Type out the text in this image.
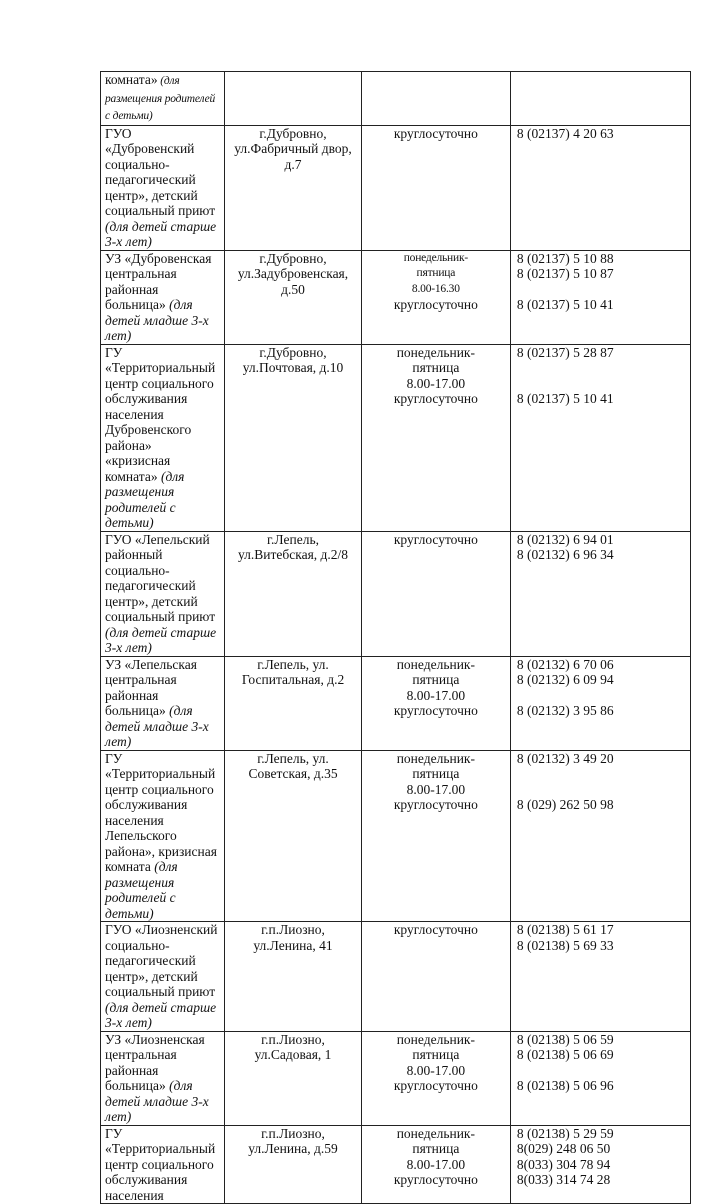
комната» (для размещения родителей с детьми)			
ГУО «Дубровенский социально-педагогический центр», детский социальный приют (для детей старше 3-х лет)	г.Дубровно, ул.Фабричный двор, д.7	круглосуточно	8 (02137) 4 20 63

УЗ «Дубровенская центральная районная больница» (для детей младше 3-х лет)	г.Дубровно, ул.Задубровенская, д.50	понедельник-
пятница
8.00-16.30
круглосуточно	8 (02137) 5 10 88
8 (02137) 5 10 87
8 (02137) 5 10 41

ГУ «Территориальный центр социального обслуживания населения Дубровенского района» «кризисная комната» (для размещения родителей с детьми)	г.Дубровно, ул.Почтовая, д.10	понедельник-
пятница
8.00-17.00
круглосуточно	8 (02137) 5 28 87
8 (02137) 5 10 41

ГУО «Лепельский районный социально-педагогический центр», детский социальный приют (для детей старше 3-х лет)	г.Лепель, ул.Витебская, д.2/8	круглосуточно	8 (02132) 6 94 01
8 (02132) 6 96 34

УЗ «Лепельская центральная районная больница» (для детей младше 3-х лет)	г.Лепель, ул. Госпитальная, д.2	понедельник-
пятница
8.00-17.00
круглосуточно	8 (02132) 6 70 06
8 (02132) 6 09 94
8 (02132) 3 95 86

ГУ «Территориальный центр социального обслуживания населения Лепельского района», кризисная комната (для размещения родителей с детьми)	г.Лепель, ул. Советская, д.35	понедельник-
пятница
8.00-17.00
круглосуточно	8 (02132) 3 49 20
8 (029) 262 50 98

ГУО «Лиозненский социально-педагогический центр», детский социальный приют (для детей старше 3-х лет)	г.п.Лиозно, ул.Ленина, 41	круглосуточно	8 (02138) 5 61 17
8 (02138) 5 69 33

УЗ «Лиозненская центральная районная больница» (для детей младше 3-х лет)	г.п.Лиозно, ул.Садовая, 1	понедельник-
пятница
8.00-17.00
круглосуточно	8 (02138) 5 06 59
8 (02138) 5 06 69
8 (02138) 5 06 96

ГУ «Территориальный центр социального обслуживания населения	г.п.Лиозно, ул.Ленина, д.59	понедельник-
пятница
8.00-17.00
круглосуточно	8 (02138) 5 29 59
8(029) 248 06 50
8(033) 304 78 94
8(033) 314 74 28
